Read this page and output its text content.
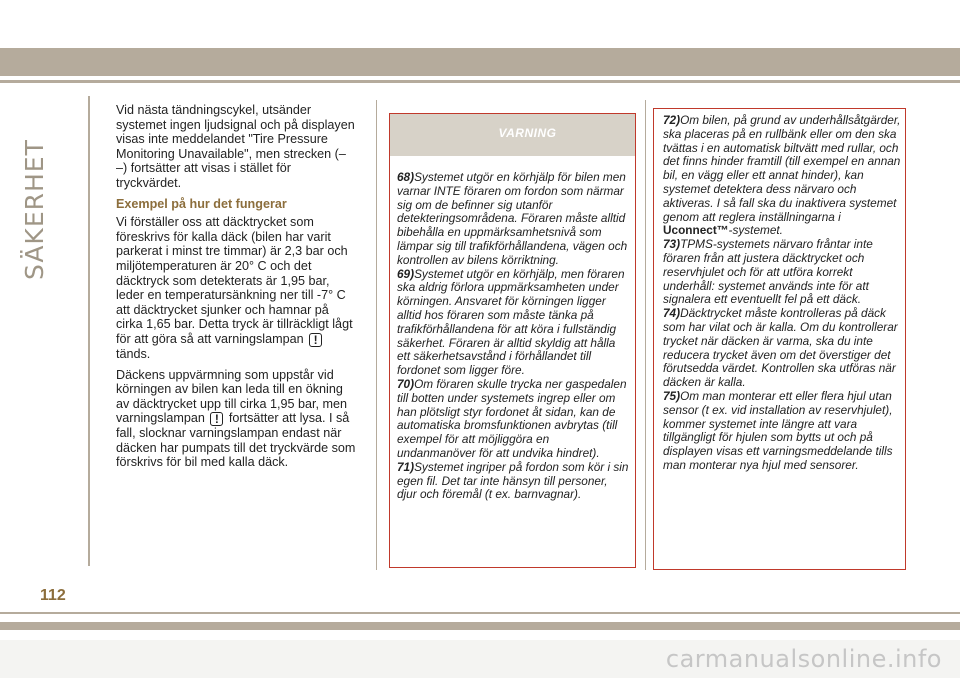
SÄKERHET

Vid nästa tändningscykel, utsänder systemet ingen ljudsignal och på displayen visas inte meddelandet "Tire Pressure Monitoring Unavailable", men strecken (– –) fortsätter att visas i stället för tryckvärdet.

Exempel på hur det fungerar

Vi förställer oss att däcktrycket som föreskrivs för kalla däck (bilen har varit parkerat i minst tre timmar) är 2,3 bar och miljötemperaturen är 20° C och det däcktryck som detekterats är 1,95 bar, leder en temperatursänkning ner till -7° C att däcktrycket sjunker och hamnar på cirka 1,65 bar. Detta tryck är tillräckligt lågt för att göra så att varningslampan ! tänds.

Däckens uppvärmning som uppstår vid körningen av bilen kan leda till en ökning av däcktrycket upp till cirka 1,95 bar, men varningslampan ! fortsätter att lysa. I så fall, slocknar varningslampan endast när däcken har pumpats till det tryckvärde som förskrivs för bil med kalla däck.

VARNING
68)Systemet utgör en körhjälp för bilen men varnar INTE föraren om fordon som närmar sig om de befinner sig utanför detekteringsområdena. Föraren måste alltid bibehålla en uppmärksamhetsnivå som lämpar sig till trafikförhållandena, vägen och kontrollen av bilens körriktning.
69)Systemet utgör en körhjälp, men föraren ska aldrig förlora uppmärksamheten under körningen. Ansvaret för körningen ligger alltid hos föraren som måste tänka på trafikförhållandena för att köra i fullständig säkerhet. Föraren är alltid skyldig att hålla ett säkerhetsavstånd i förhållandet till fordonet som ligger före.
70)Om föraren skulle trycka ner gaspedalen till botten under systemets ingrep eller om han plötsligt styr fordonet åt sidan, kan de automatiska bromsfunktionen avbrytas (till exempel för att möjliggöra en undanmanöver för att undvika hindret).
71)Systemet ingriper på fordon som kör i sin egen fil. Det tar inte hänsyn till personer, djur och föremål (t ex. barnvagnar).
72)Om bilen, på grund av underhållsåtgärder, ska placeras på en rullbänk eller om den ska tvättas i en automatisk biltvätt med rullar, och det finns hinder framtill (till exempel en annan bil, en vägg eller ett annat hinder), kan systemet detektera dess närvaro och aktiveras. I så fall ska du inaktivera systemet genom att reglera inställningarna i Uconnect™-systemet.
73)TPMS-systemets närvaro fråntar inte föraren från att justera däcktrycket och reservhjulet och för att utföra korrekt underhåll: systemet används inte för att signalera ett eventuellt fel på ett däck.
74)Däcktrycket måste kontrolleras på däck som har vilat och är kalla. Om du kontrollerar trycket när däcken är varma, ska du inte reducera trycket även om det överstiger det förutsedda värdet. Kontrollen ska utföras när däcken är kalla.
75)Om man monterar ett eller flera hjul utan sensor (t ex. vid installation av reservhjulet), kommer systemet inte längre att vara tillgängligt för hjulen som bytts ut och på displayen visas ett varningsmeddelande tills man monterar nya hjul med sensorer.
112
carmanualsonline.info
